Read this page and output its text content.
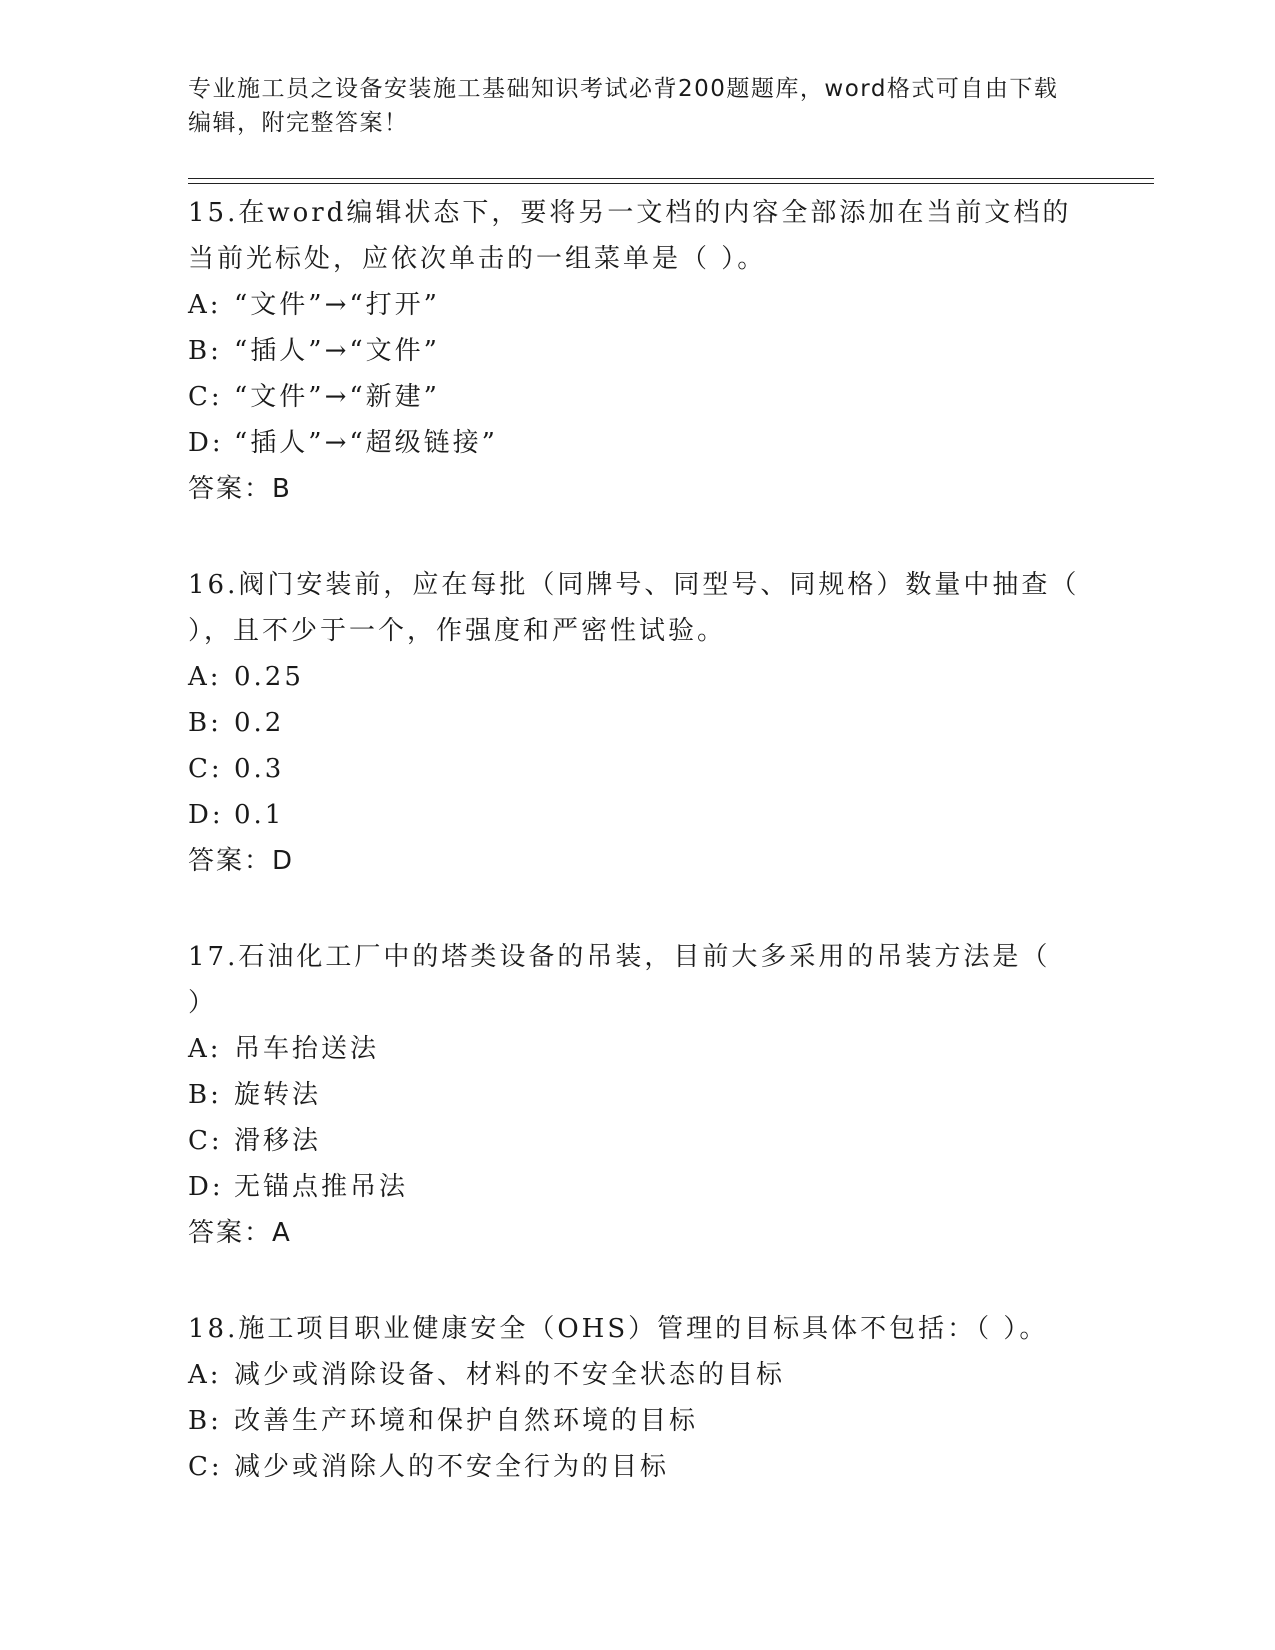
专业施工员之设备安装施工基础知识考试必背200题题库，word格式可自由下载
编辑，附完整答案！
15.在word编辑状态下，要将另一文档的内容全部添加在当前文档的
当前光标处，应依次单击的一组菜单是（ ）。
A: “文件”→“打开”
B: “插人”→“文件”
C: “文件”→“新建”
D: “插人”→“超级链接”
答案：B
16.阀门安装前，应在每批（同牌号、同型号、同规格）数量中抽查（
），且不少于一个，作强度和严密性试验。
A: 0.25
B: 0.2
C: 0.3
D: 0.1
答案：D
17.石油化工厂中的塔类设备的吊装，目前大多采用的吊装方法是（
）
A: 吊车抬送法
B: 旋转法
C: 滑移法
D: 无锚点推吊法
答案：A
18.施工项目职业健康安全（OHS）管理的目标具体不包括：（ ）。
A: 减少或消除设备、材料的不安全状态的目标
B: 改善生产环境和保护自然环境的目标
C: 减少或消除人的不安全行为的目标
